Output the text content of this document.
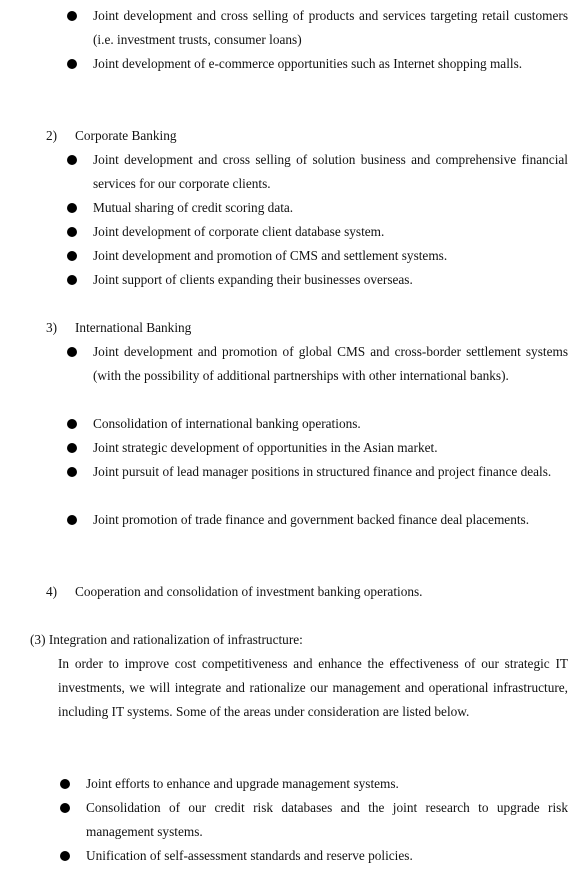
Joint development and cross selling of products and services targeting retail customers (i.e. investment trusts, consumer loans)
Joint development of e-commerce opportunities such as Internet shopping malls.
2) Corporate Banking
Joint development and cross selling of solution business and comprehensive financial services for our corporate clients.
Mutual sharing of credit scoring data.
Joint development of corporate client database system.
Joint development and promotion of CMS and settlement systems.
Joint support of clients expanding their businesses overseas.
3) International Banking
Joint development and promotion of global CMS and cross-border settlement systems (with the possibility of additional partnerships with other international banks).
Consolidation of international banking operations.
Joint strategic development of opportunities in the Asian market.
Joint pursuit of lead manager positions in structured finance and project finance deals.
Joint promotion of trade finance and government backed finance deal placements.
4) Cooperation and consolidation of investment banking operations.
(3) Integration and rationalization of infrastructure:
In order to improve cost competitiveness and enhance the effectiveness of our strategic IT investments, we will integrate and rationalize our management and operational infrastructure, including IT systems. Some of the areas under consideration are listed below.
Joint efforts to enhance and upgrade management systems.
Consolidation of our credit risk databases and the joint research to upgrade risk management systems.
Unification of self-assessment standards and reserve policies.
